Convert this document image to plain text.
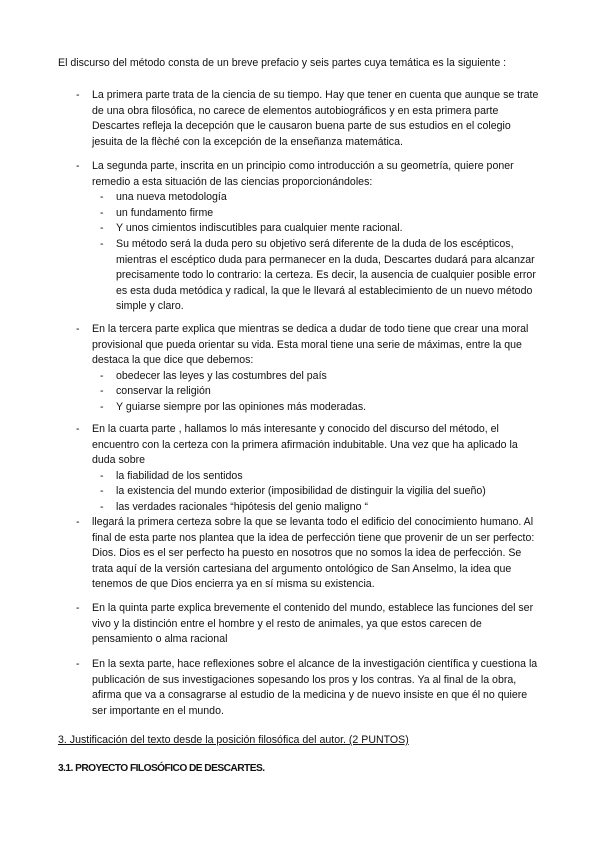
El discurso del método consta de un breve prefacio y seis partes cuya temática es la siguiente :
- La primera parte trata de la ciencia de su tiempo. Hay que tener en cuenta que aunque se trate de una obra filosófica, no carece de elementos autobiográficos y en esta primera parte Descartes refleja la decepción que le causaron buena parte de sus estudios en el colegio jesuita de la flèché con la excepción de la enseñanza matemática.
- La segunda parte, inscrita en un principio como introducción a su geometría, quiere poner remedio a esta situación de las ciencias proporcionándoles:
- una nueva metodología
- un fundamento firme
- Y unos cimientos indiscutibles para cualquier mente racional.
- Su método será la duda pero su objetivo será diferente de la duda de los escépticos, mientras el escéptico duda para permanecer en la duda, Descartes dudará para alcanzar precisamente todo lo contrario: la certeza. Es decir, la ausencia de cualquier posible error es esta duda metódica y radical, la que le llevará al establecimiento de un nuevo método simple y claro.
- En la tercera parte explica que mientras se dedica a dudar de todo tiene que crear una moral provisional que pueda orientar su vida. Esta moral tiene una serie de máximas, entre la que destaca la que dice que debemos:
- obedecer las leyes y las costumbres del país
- conservar la religión
- Y guiarse siempre por las opiniones más moderadas.
- En la cuarta parte , hallamos lo más interesante y conocido del discurso del método, el encuentro con la certeza con la primera afirmación indubitable. Una vez que ha aplicado la duda sobre
- la fiabilidad de los sentidos
- la existencia del mundo exterior (imposibilidad de distinguir la vigilia del sueño)
- las verdades racionales “hipótesis del genio maligno “
- llegará la primera certeza sobre la que se levanta todo el edificio del conocimiento humano. Al final de esta parte nos plantea que la idea de perfección tiene que provenir de un ser perfecto: Dios. Dios es el ser perfecto ha puesto en nosotros que no somos la idea de perfección. Se trata aquí de la versión cartesiana del argumento ontológico de San Anselmo, la idea que tenemos de que Dios encierra ya en sí misma su existencia.
- En la quinta parte explica brevemente el contenido del mundo, establece las funciones del ser vivo y la distinción entre el hombre y el resto de animales, ya que estos carecen de pensamiento o alma racional
- En la sexta parte, hace reflexiones sobre el alcance de la investigación científica y cuestiona la publicación de sus investigaciones sopesando los pros y los contras. Ya al final de la obra, afirma que va a consagrarse al estudio de la medicina y de nuevo insiste en que él no quiere ser importante en el mundo.
3. Justificación del texto desde la posición filosófica del autor. (2 PUNTOS)
3.1. PROYECTO FILOSÓFICO DE DESCARTES.
